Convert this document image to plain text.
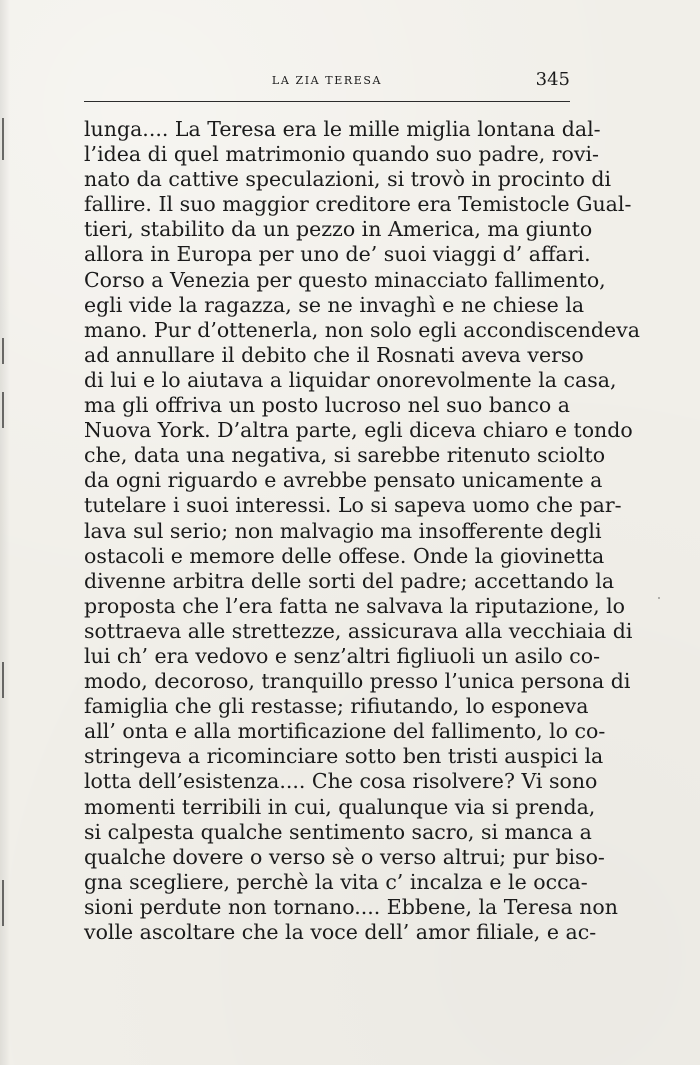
LA ZIA TERESA	345
lunga.... La Teresa era le mille miglia lontana dal-
l’idea di quel matrimonio quando suo padre, rovi-
nato da cattive speculazioni, si trovò in procinto di
fallire. Il suo maggior creditore era Temistocle Gual-
tieri, stabilito da un pezzo in America, ma giunto
allora in Europa per uno de’ suoi viaggi d’ affari.
Corso a Venezia per questo minacciato fallimento,
egli vide la ragazza, se ne invaghì e ne chiese la
mano. Pur d’ottenerla, non solo egli accondiscendeva
ad annullare il debito che il Rosnati aveva verso
di lui e lo aiutava a liquidar onorevolmente la casa,
ma gli offriva un posto lucroso nel suo banco a
Nuova York. D’altra parte, egli diceva chiaro e tondo
che, data una negativa, si sarebbe ritenuto sciolto
da ogni riguardo e avrebbe pensato unicamente a
tutelare i suoi interessi. Lo si sapeva uomo che par-
lava sul serio; non malvagio ma insofferente degli
ostacoli e memore delle offese. Onde la giovinetta
divenne arbitra delle sorti del padre; accettando la
proposta che l’era fatta ne salvava la riputazione, lo
sottraeva alle strettezze, assicurava alla vecchiaia di
lui ch’ era vedovo e senz’altri figliuoli un asilo co-
modo, decoroso, tranquillo presso l’unica persona di
famiglia che gli restasse; rifiutando, lo esponeva
all’ onta e alla mortificazione del fallimento, lo co-
stringeva a ricominciare sotto ben tristi auspici la
lotta dell’esistenza.... Che cosa risolvere? Vi sono
momenti terribili in cui, qualunque via si prenda,
si calpesta qualche sentimento sacro, si manca a
qualche dovere o verso sè o verso altrui; pur biso-
gna scegliere, perchè la vita c’ incalza e le occa-
sioni perdute non tornano.... Ebbene, la Teresa non
volle ascoltare che la voce dell’ amor filiale, e ac-
